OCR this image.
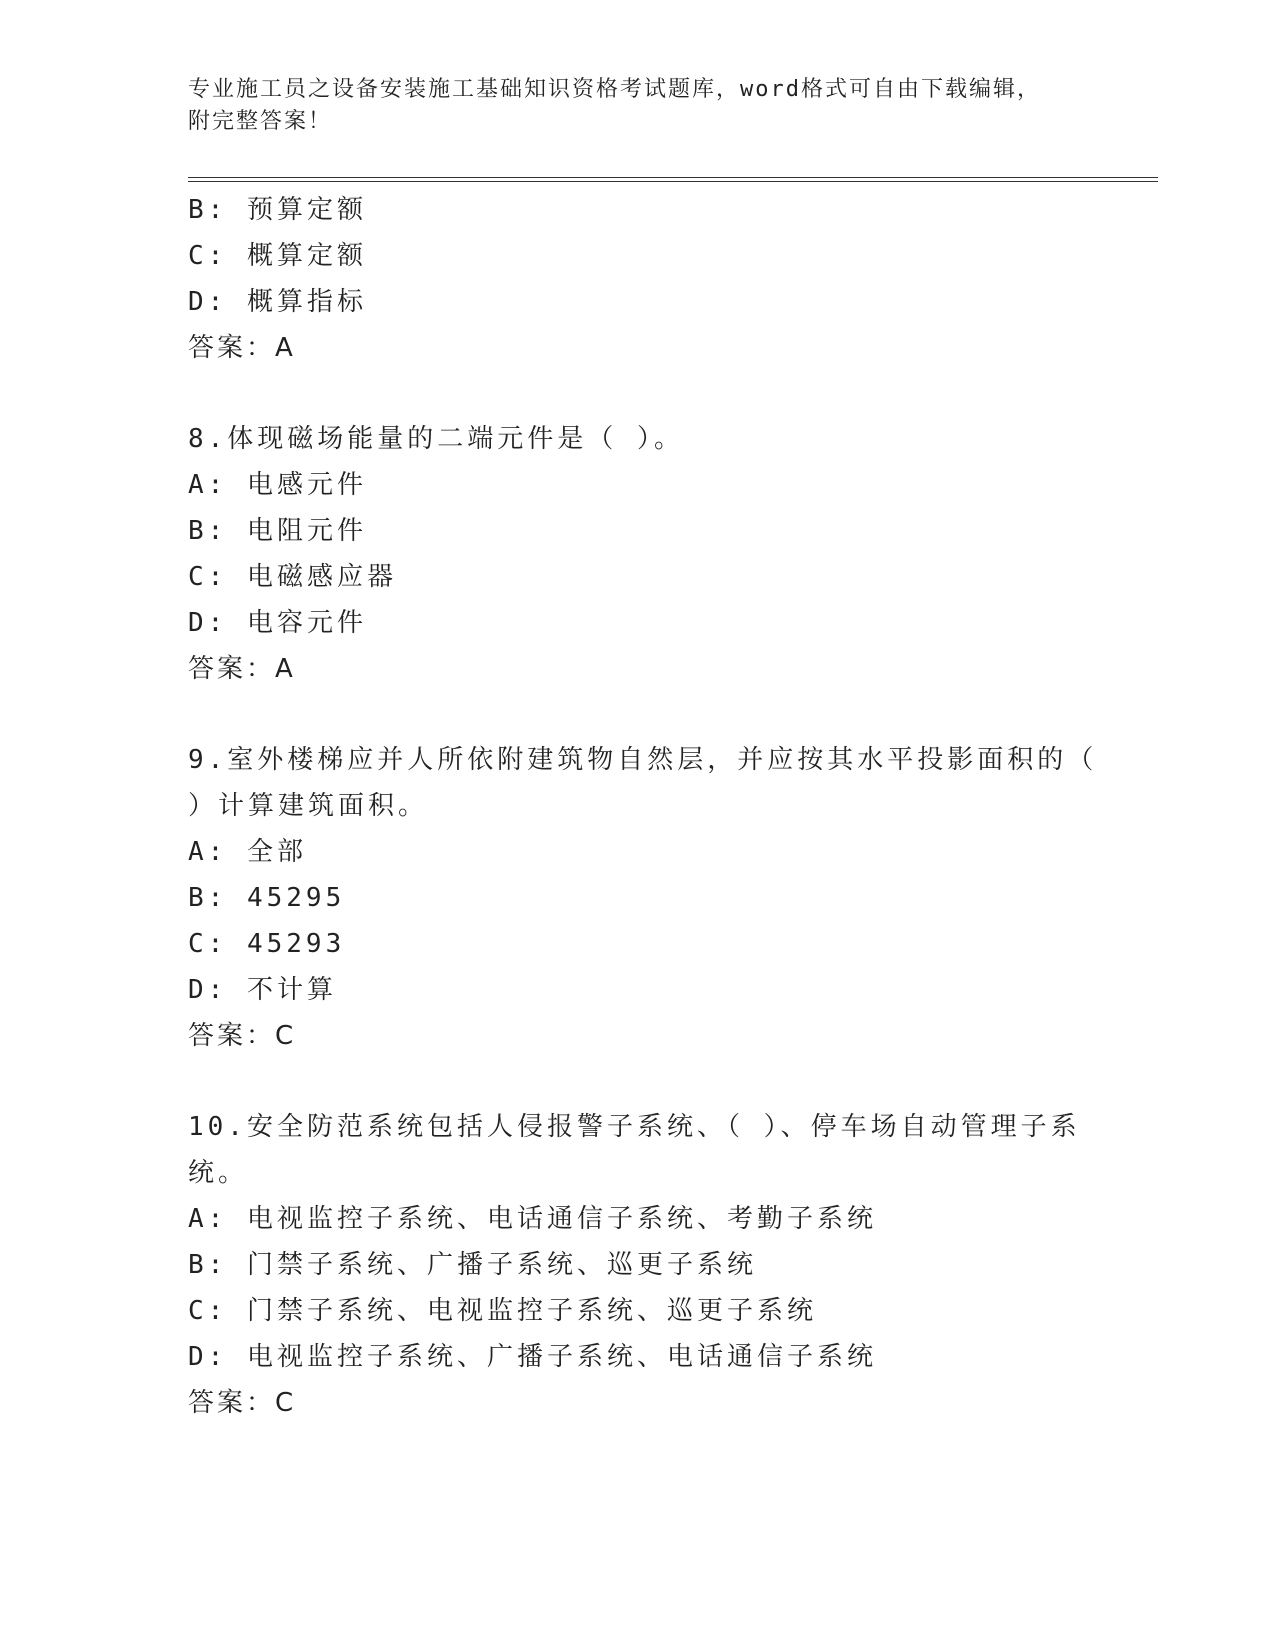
专业施工员之设备安装施工基础知识资格考试题库，word格式可自由下载编辑，
附完整答案！
B: 预算定额
C: 概算定额
D: 概算指标
答案：A
8.体现磁场能量的二端元件是（ ）。
A: 电感元件
B: 电阻元件
C: 电磁感应器
D: 电容元件
答案：A
9.室外楼梯应并人所依附建筑物自然层，并应按其水平投影面积的（
）计算建筑面积。
A: 全部
B: 45295
C: 45293
D: 不计算
答案：C
10.安全防范系统包括人侵报警子系统、（ ）、停车场自动管理子系
统。
A: 电视监控子系统、电话通信子系统、考勤子系统
B: 门禁子系统、广播子系统、巡更子系统
C: 门禁子系统、电视监控子系统、巡更子系统
D: 电视监控子系统、广播子系统、电话通信子系统
答案：C
